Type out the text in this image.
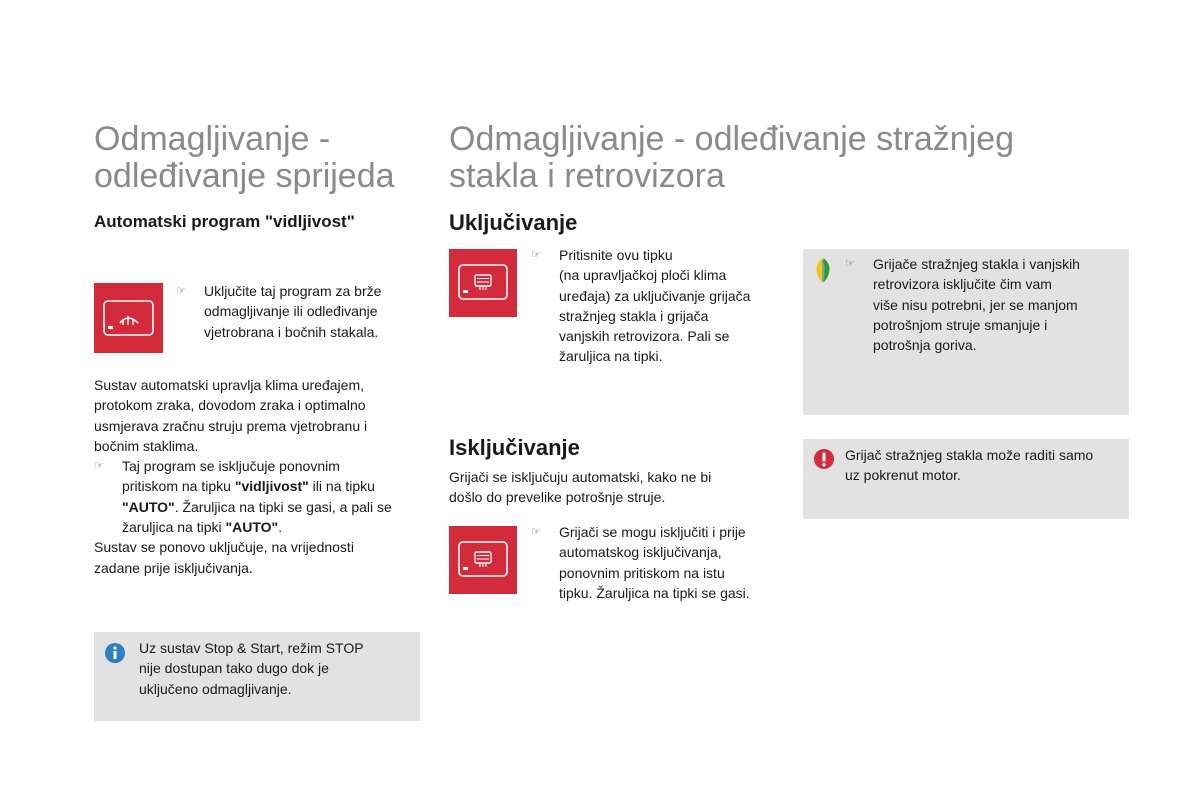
Odmagljivanje -

odleđivanje sprijeda

Automatski program "vidljivost"

☞ Uključite taj program za brže

odmagljivanje ili odleđivanje

vjetrobrana i bočnih stakala.

Sustav automatski upravlja klima uređajem,

protokom zraka, dovodom zraka i optimalno

usmjerava zračnu struju prema vjetrobranu i

bočnim staklima.

☞ Taj program se isključuje ponovnim

pritiskom na tipku "vidljivost" ili na tipku

"AUTO". Žaruljica na tipki se gasi, a pali se

žaruljica na tipki "AUTO".

Sustav se ponovo uključuje, na vrijednosti

zadane prije isključivanja.

Uz sustav Stop & Start, režim STOP

nije dostupan tako dugo dok je

uključeno odmagljivanje.

Odmagljivanje - odleđivanje stražnjeg

stakla i retrovizora

Uključivanje

☞ Pritisnite ovu tipku

(na upravljačkoj ploči klima

uređaja) za uključivanje grijača

stražnjeg stakla i grijača

vanjskih retrovizora. Pali se

žaruljica na tipki.

Isključivanje

Grijači se isključuju automatski, kako ne bi

došlo do prevelike potrošnje struje.

☞ Grijači se mogu isključiti i prije

automatskog isključivanja,

ponovnim pritiskom na istu

tipku. Žaruljica na tipki se gasi.

☞ Grijače stražnjeg stakla i vanjskih

retrovizora isključite čim vam

više nisu potrebni, jer se manjom

potrošnjom struje smanjuje i

potrošnja goriva.

Grijač stražnjeg stakla može raditi samo

uz pokrenut motor.
